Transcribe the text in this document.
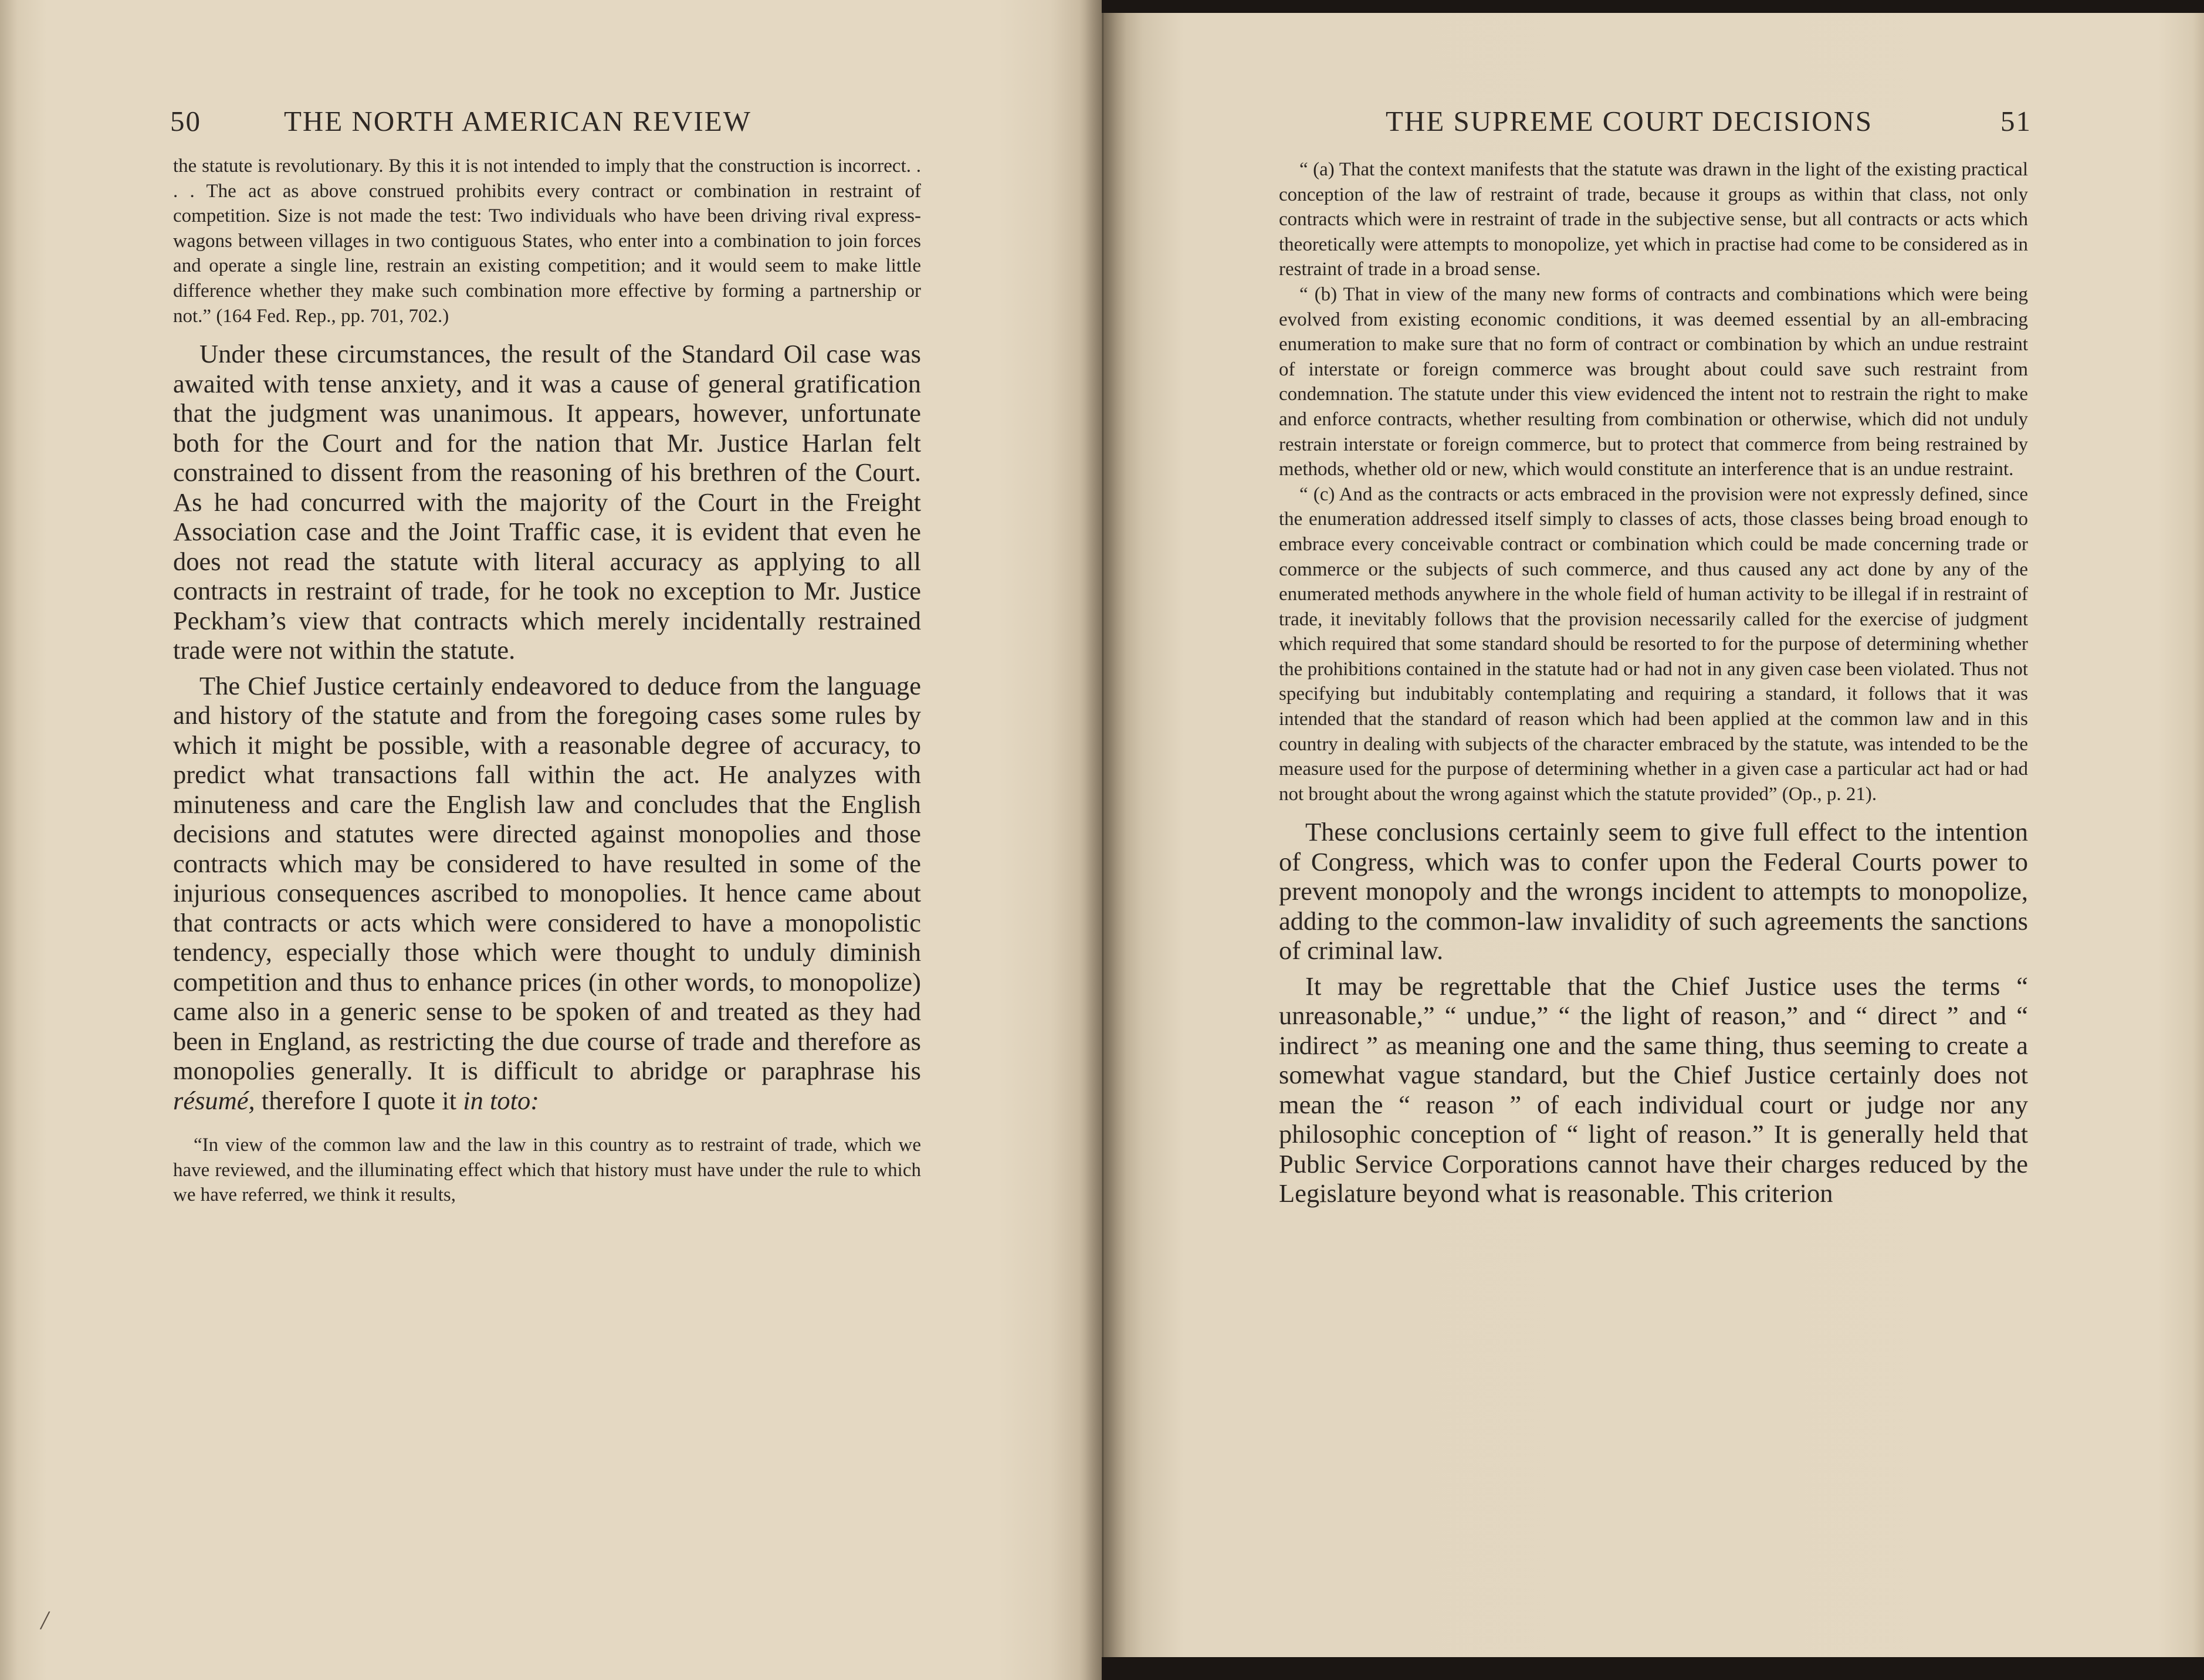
50	THE NORTH AMERICAN REVIEW

the statute is revolutionary. By this it is not intended to imply that the construction is incorrect. . . . The act as above construed prohibits every contract or combination in restraint of competition. Size is not made the test: Two individuals who have been driving rival express-wagons between villages in two contiguous States, who enter into a combination to join forces and operate a single line, restrain an existing competition; and it would seem to make little difference whether they make such combination more effective by forming a partnership or not.” (164 Fed. Rep., pp. 701, 702.)

Under these circumstances, the result of the Standard Oil case was awaited with tense anxiety, and it was a cause of general gratification that the judgment was unanimous. It appears, however, unfortunate both for the Court and for the nation that Mr. Justice Harlan felt constrained to dissent from the reasoning of his brethren of the Court. As he had concurred with the majority of the Court in the Freight Association case and the Joint Traffic case, it is evident that even he does not read the statute with literal accuracy as applying to all contracts in restraint of trade, for he took no exception to Mr. Justice Peckham’s view that contracts which merely incidentally restrained trade were not within the statute.

The Chief Justice certainly endeavored to deduce from the language and history of the statute and from the foregoing cases some rules by which it might be possible, with a reasonable degree of accuracy, to predict what transactions fall within the act. He analyzes with minuteness and care the English law and concludes that the English decisions and statutes were directed against monopolies and those contracts which may be considered to have resulted in some of the injurious consequences ascribed to monopolies. It hence came about that contracts or acts which were considered to have a monopolistic tendency, especially those which were thought to unduly diminish competition and thus to enhance prices (in other words, to monopolize) came also in a generic sense to be spoken of and treated as they had been in England, as restricting the due course of trade and therefore as monopolies generally. It is difficult to abridge or paraphrase his résumé, therefore I quote it in toto:

“In view of the common law and the law in this country as to restraint of trade, which we have reviewed, and the illuminating effect which that history must have under the rule to which we have referred, we think it results,

/
THE SUPREME COURT DECISIONS	51

“ (a) That the context manifests that the statute was drawn in the light of the existing practical conception of the law of restraint of trade, because it groups as within that class, not only contracts which were in restraint of trade in the subjective sense, but all contracts or acts which theoretically were attempts to monopolize, yet which in practise had come to be considered as in restraint of trade in a broad sense.

“ (b) That in view of the many new forms of contracts and combinations which were being evolved from existing economic conditions, it was deemed essential by an all-embracing enumeration to make sure that no form of contract or combination by which an undue restraint of interstate or foreign commerce was brought about could save such restraint from condemnation. The statute under this view evidenced the intent not to restrain the right to make and enforce contracts, whether resulting from combination or otherwise, which did not unduly restrain interstate or foreign commerce, but to protect that commerce from being restrained by methods, whether old or new, which would constitute an interference that is an undue restraint.

“ (c) And as the contracts or acts embraced in the provision were not expressly defined, since the enumeration addressed itself simply to classes of acts, those classes being broad enough to embrace every conceivable contract or combination which could be made concerning trade or commerce or the subjects of such commerce, and thus caused any act done by any of the enumerated methods anywhere in the whole field of human activity to be illegal if in restraint of trade, it inevitably follows that the provision necessarily called for the exercise of judgment which required that some standard should be resorted to for the purpose of determining whether the prohibitions contained in the statute had or had not in any given case been violated. Thus not specifying but indubitably contemplating and requiring a standard, it follows that it was intended that the standard of reason which had been applied at the common law and in this country in dealing with subjects of the character embraced by the statute, was intended to be the measure used for the purpose of determining whether in a given case a particular act had or had not brought about the wrong against which the statute provided” (Op., p. 21).

These conclusions certainly seem to give full effect to the intention of Congress, which was to confer upon the Federal Courts power to prevent monopoly and the wrongs incident to attempts to monopolize, adding to the common-law invalidity of such agreements the sanctions of criminal law.

It may be regrettable that the Chief Justice uses the terms “ unreasonable,” “ undue,” “ the light of reason,” and “ direct ” and “ indirect ” as meaning one and the same thing, thus seeming to create a somewhat vague standard, but the Chief Justice certainly does not mean the “ reason ” of each individual court or judge nor any philosophic conception of “ light of reason.” It is generally held that Public Service Corporations cannot have their charges reduced by the Legislature beyond what is reasonable. This criterion
